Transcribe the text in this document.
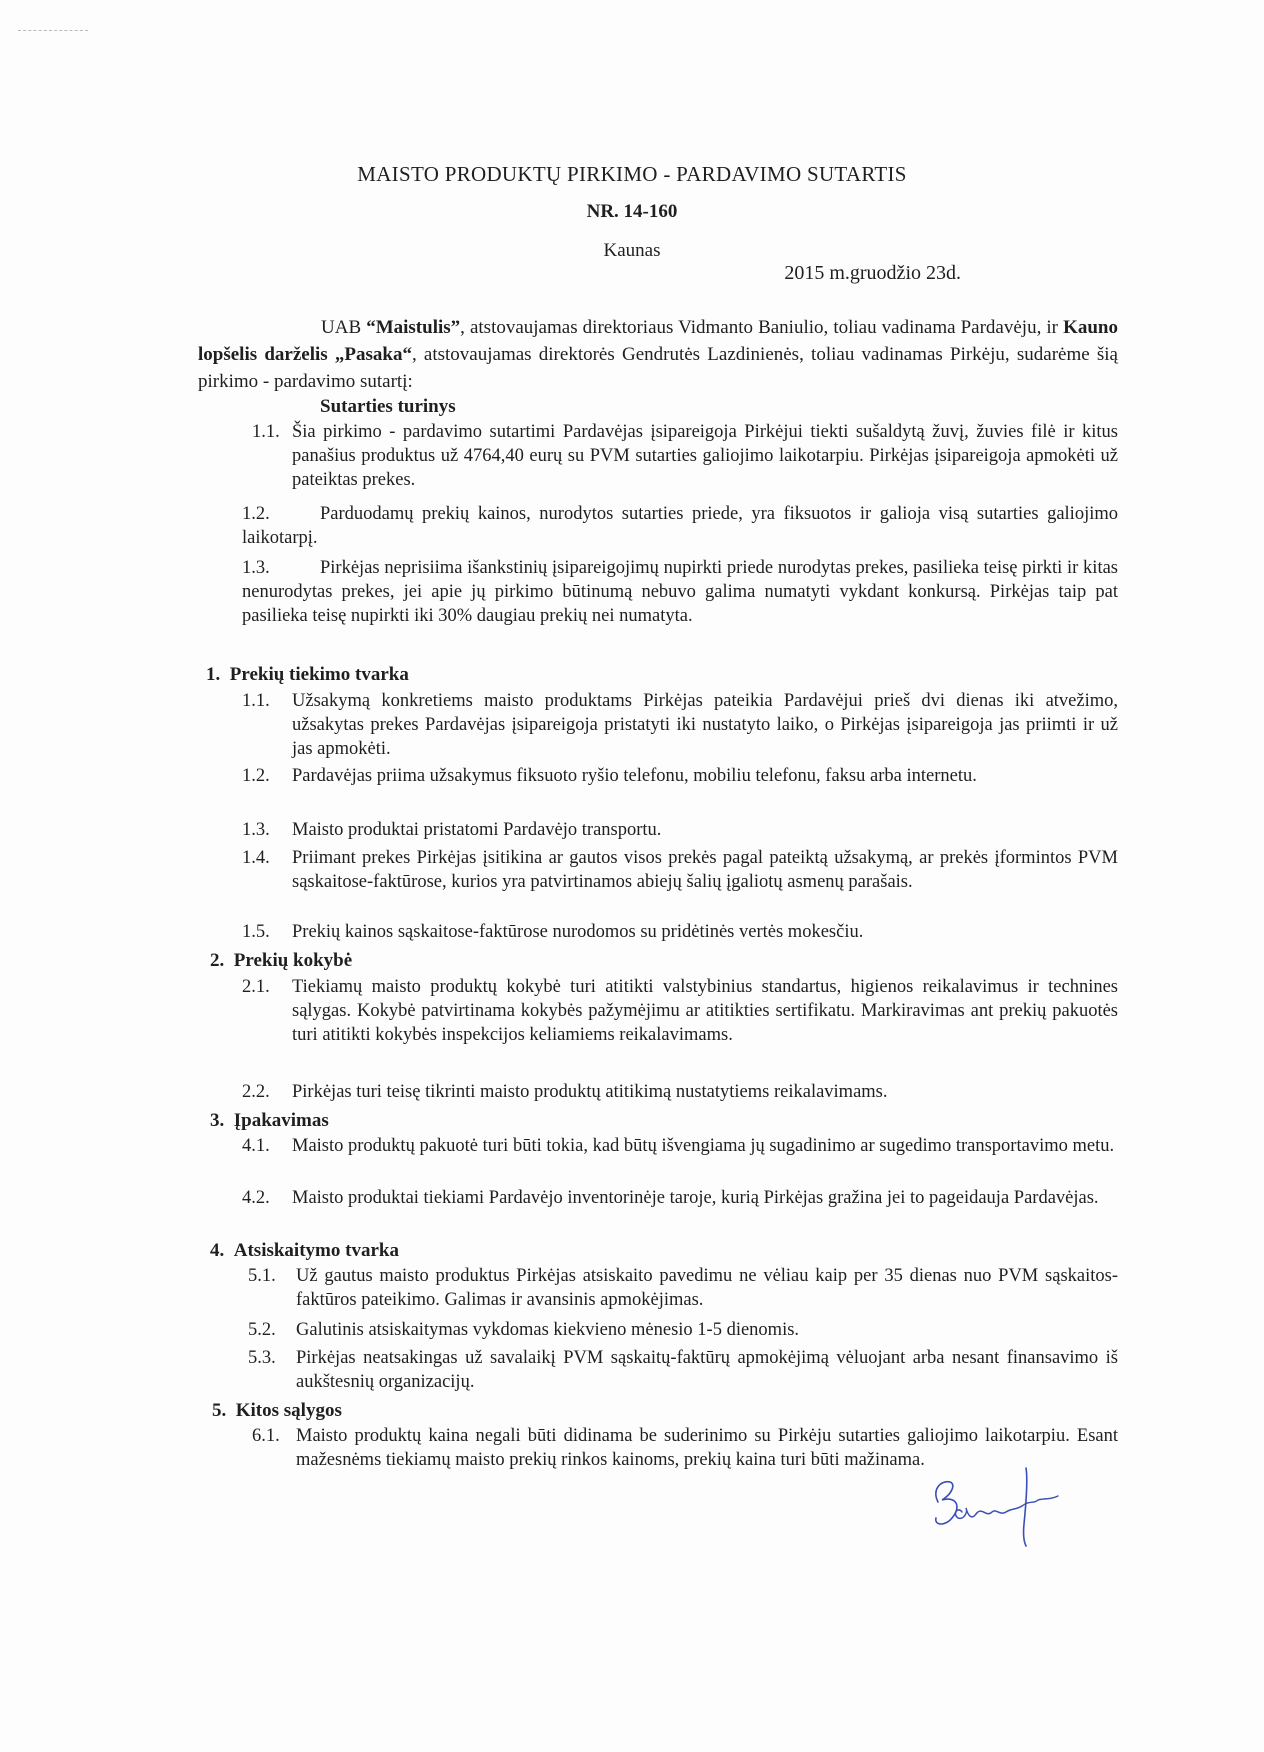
MAISTO PRODUKTŲ PIRKIMO - PARDAVIMO SUTARTIS
NR. 14-160
Kaunas
2015 m.gruodžio 23d.
UAB “Maistulis”, atstovaujamas direktoriaus Vidmanto Baniulio, toliau vadinama Pardavėju, ir Kauno lopšelis darželis „Pasaka“, atstovaujamas direktorės Gendrutės Lazdinienės, toliau vadinamas Pirkėju, sudarėme šią pirkimo - pardavimo sutartį:
Sutarties turinys
1.1. Šia pirkimo - pardavimo sutartimi Pardavėjas įsipareigoja Pirkėjui tiekti sušaldytą žuvį, žuvies filė ir kitus panašius produktus už 4764,40 eurų su PVM sutarties galiojimo laikotarpiu. Pirkėjas įsipareigoja apmokėti už pateiktas prekes.
1.2.	Parduodamų prekių kainos, nurodytos sutarties priede, yra fiksuotos ir galioja visą sutarties galiojimo laikotarpį.
1.3.	Pirkėjas neprisiima išankstinių įsipareigojimų nupirkti priede nurodytas prekes, pasilieka teisę pirkti ir kitas nenurodytas prekes, jei apie jų pirkimo būtinumą nebuvo galima numatyti vykdant konkursą. Pirkėjas taip pat pasilieka teisę nupirkti iki 30% daugiau prekių nei numatyta.
1. Prekių tiekimo tvarka
1.1.	Užsakymą konkretiems maisto produktams Pirkėjas pateikia Pardavėjui prieš dvi dienas iki atvežimo, užsakytas prekes Pardavėjas įsipareigoja pristatyti iki nustatyto laiko, o Pirkėjas įsipareigoja jas priimti ir už jas apmokėti.
1.2.	Pardavėjas priima užsakymus fiksuoto ryšio telefonu, mobiliu telefonu, faksu arba internetu.
1.3.	Maisto produktai pristatomi Pardavėjo transportu.
1.4.	Priimant prekes Pirkėjas įsitikina ar gautos visos prekės pagal pateiktą užsakymą, ar prekės įformintos PVM sąskaitose-faktūrose, kurios yra patvirtinamos abiejų šalių įgaliotų asmenų parašais.
1.5.	Prekių kainos sąskaitose-faktūrose nurodomos su pridėtinės vertės mokesčiu.
2. Prekių kokybė
2.1.	Tiekiamų maisto produktų kokybė turi atitikti valstybinius standartus, higienos reikalavimus ir technines sąlygas. Kokybė patvirtinama kokybės pažymėjimu ar atitikties sertifikatu. Markiravimas ant prekių pakuotės turi atitikti kokybės inspekcijos keliamiems reikalavimams.
2.2.	Pirkėjas turi teisę tikrinti maisto produktų atitikimą nustatytiems reikalavimams.
3. Įpakavimas
4.1.	Maisto produktų pakuotė turi būti tokia, kad būtų išvengiama jų sugadinimo ar sugedimo transportavimo metu.
4.2.	Maisto produktai tiekiami Pardavėjo inventorinėje taroje, kurią Pirkėjas gražina jei to pageidauja Pardavėjas.
4. Atsiskaitymo tvarka
5.1.	Už gautus maisto produktus Pirkėjas atsiskaito pavedimu ne vėliau kaip per 35 dienas nuo PVM sąskaitos-faktūros pateikimo. Galimas ir avansinis apmokėjimas.
5.2.	Galutinis atsiskaitymas vykdomas kiekvieno mėnesio 1-5 dienomis.
5.3.	Pirkėjas neatsakingas už savalaikį PVM sąskaitų-faktūrų apmokėjimą vėluojant arba nesant finansavimo iš aukštesnių organizacijų.
5. Kitos sąlygos
6.1. Maisto produktų kaina negali būti didinama be suderinimo su Pirkėju sutarties galiojimo laikotarpiu. Esant mažesnėms tiekiamų maisto prekių rinkos kainoms, prekių kaina turi būti mažinama.
